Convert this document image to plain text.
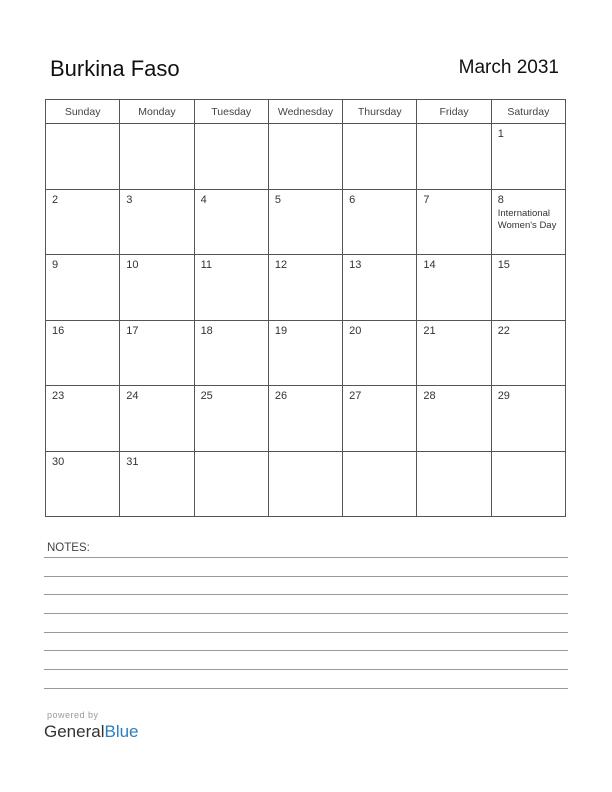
Burkina Faso	March 2031
Sunday	Monday	Tuesday	Wednesday	Thursday	Friday	Saturday

						1

2	3	4	5	6	7	8
International Women's Day

9	10	11	12	13	14	15

16	17	18	19	20	21	22

23	24	25	26	27	28	29

30	31					

NOTES:
powered by
GeneralBlue
